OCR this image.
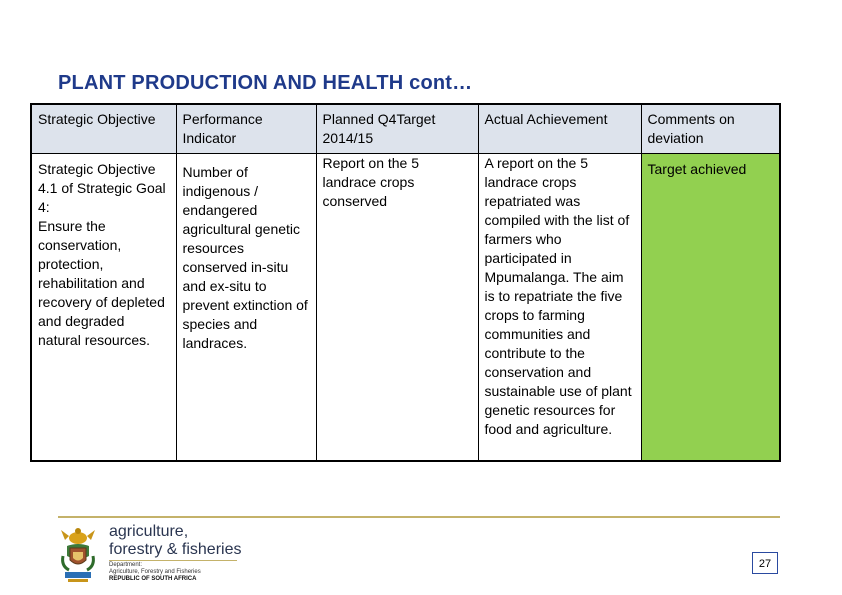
PLANT PRODUCTION AND HEALTH cont…
Strategic Objective	Performance Indicator	Planned Q4Target 2014/15	Actual Achievement	Comments on deviation

Strategic Objective 4.1 of Strategic Goal 4:
Ensure the conservation, protection, rehabilitation and recovery of depleted and degraded natural resources.	Number of indigenous / endangered agricultural genetic resources conserved in-situ and ex-situ to prevent extinction of species and landraces.	Report on the 5 landrace crops conserved	A report on the 5 landrace crops repatriated was compiled with the list of farmers who participated in Mpumalanga. The aim is to repatriate the five crops to farming communities and contribute to the conservation and sustainable use of plant genetic resources for food and agriculture.	Target achieved
agriculture,
forestry & fisheries
Department:
Agriculture, Forestry and Fisheries
REPUBLIC OF SOUTH AFRICA
27
